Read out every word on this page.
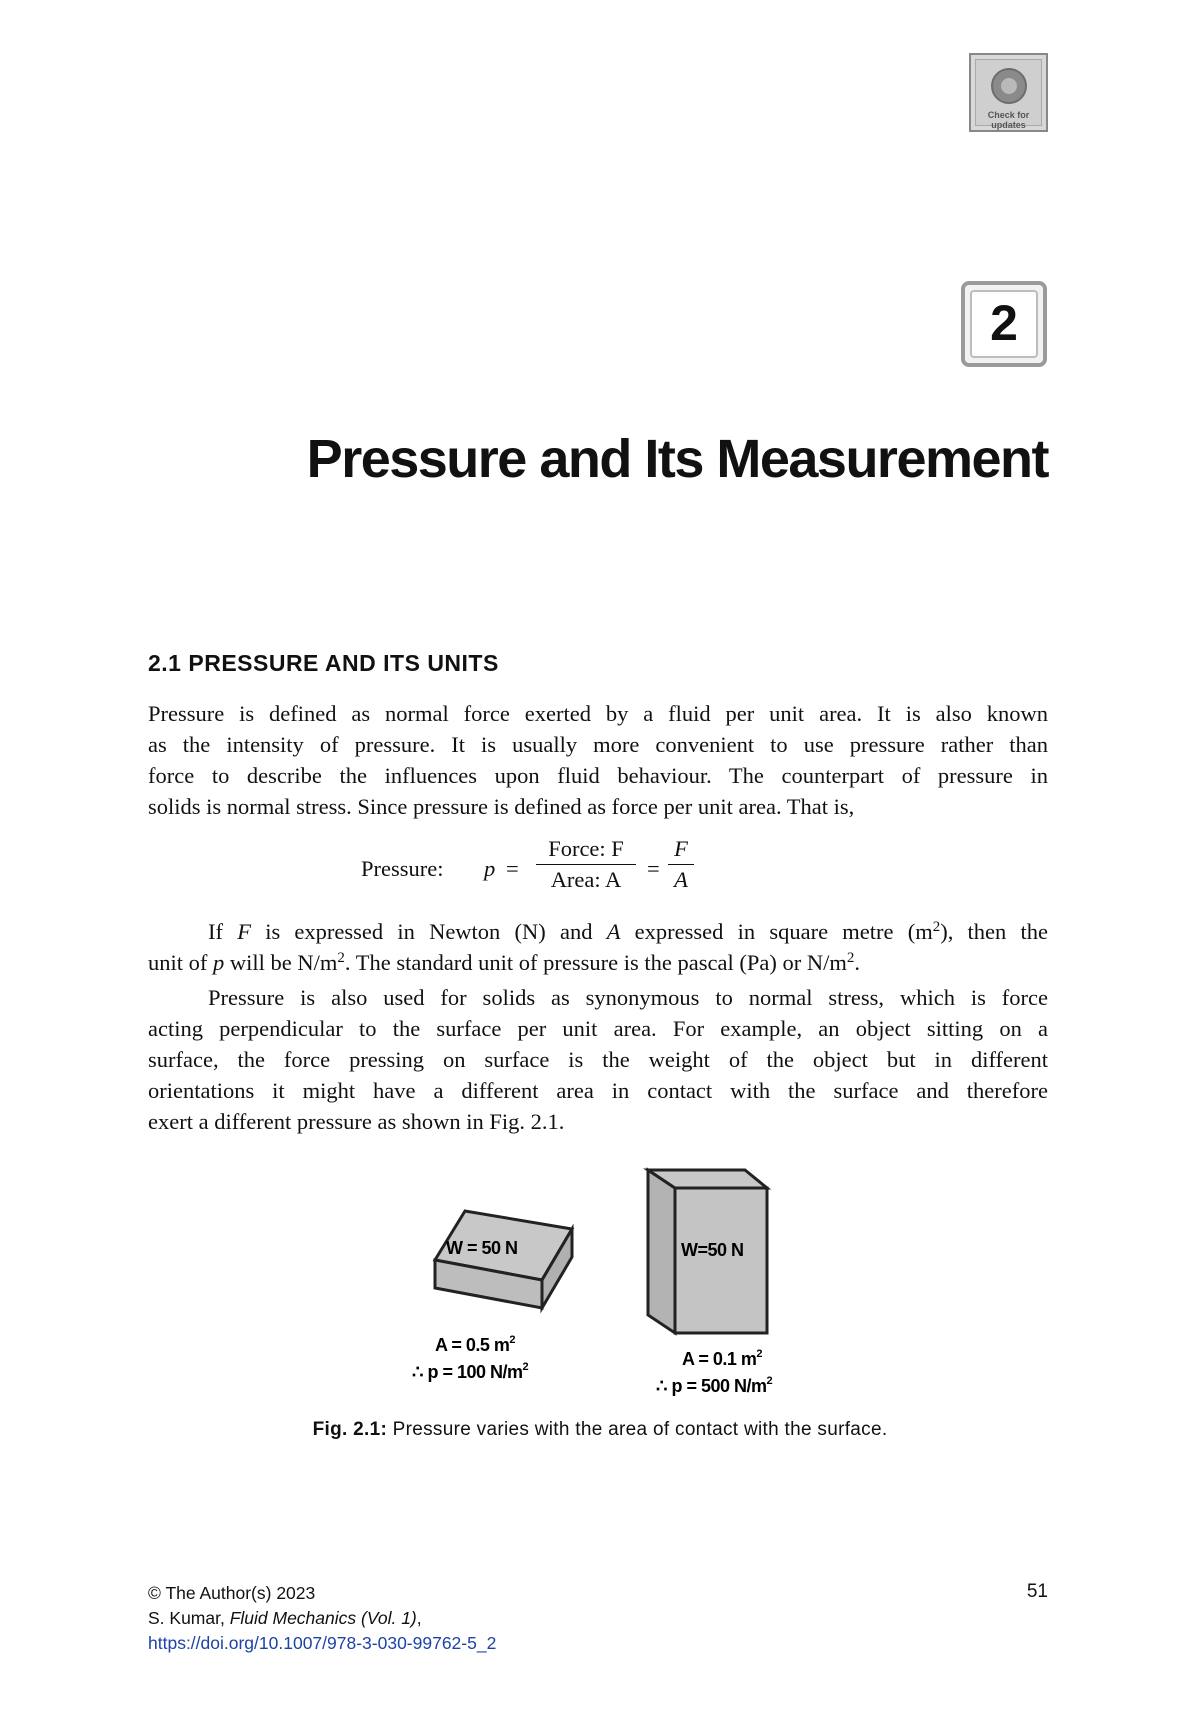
Check for
updates
2
Pressure and Its Measurement
2.1 PRESSURE AND ITS UNITS
Pressure is defined as normal force exerted by a fluid per unit area. It is also known
as the intensity of pressure. It is usually more convenient to use pressure rather than
force to describe the influences upon fluid behaviour. The counterpart of pressure in
solids is normal stress. Since pressure is defined as force per unit area. That is,
Pressure: p =
Force: F
Area: A	=
F
A
If F is expressed in Newton (N) and A expressed in square metre $(m^2)$, then the
unit of p will be $N/m^2$. The standard unit of pressure is the pascal (Pa) or $N/m^2$.
Pressure is also used for solids as synonymous to normal stress, which is force
acting perpendicular to the surface per unit area. For example, an object sitting on a
surface, the force pressing on surface is the weight of the object but in different
orientations it might have a different area in contact with the surface and therefore
exert a different pressure as shown in Fig. 2.1.
W = 50 N
A = 0.5 $m^2$
∴ p = 100 $N/m^2$
W=50 N
A = 0.1 $m^2$
∴ p = 500 $N/m^2$
Fig. 2.1: Pressure varies with the area of contact with the surface.
© The Author(s) 2023
S. Kumar, Fluid Mechanics (Vol. 1),
https://doi.org/10.1007/978-3-030-99762-5_2
51
